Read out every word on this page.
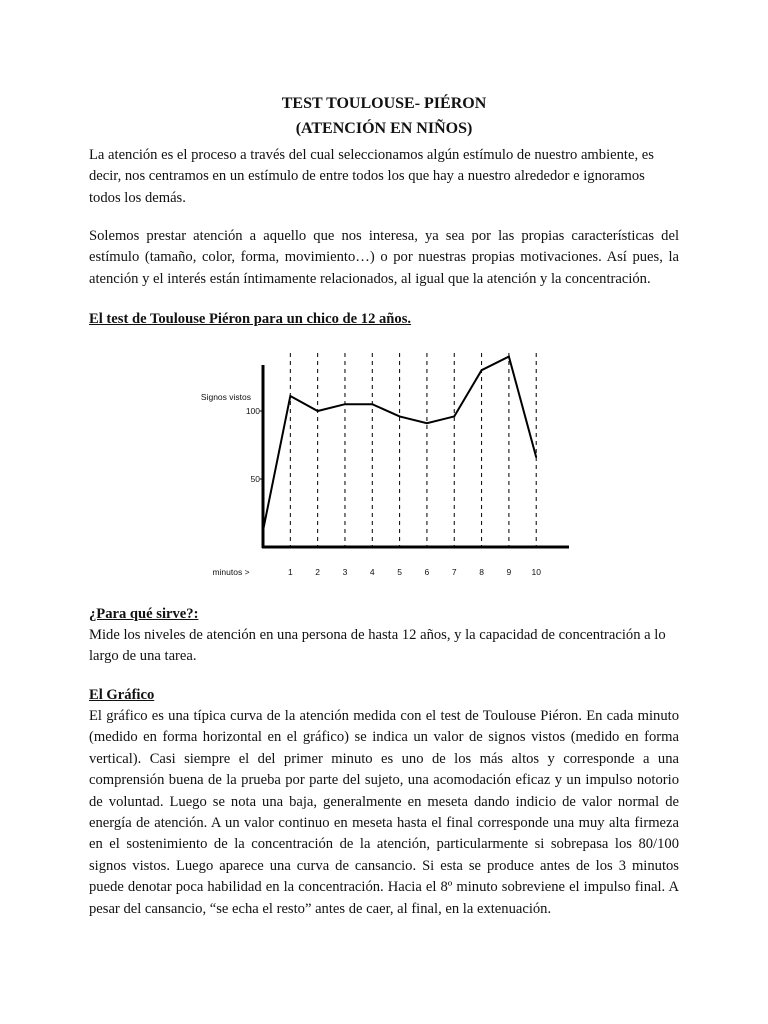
TEST TOULOUSE- PIÉRON

(ATENCIÓN EN NIÑOS)

La atención es el proceso a través del cual seleccionamos algún estímulo de nuestro ambiente, es decir, nos centramos en un estímulo de entre todos los que hay a nuestro alrededor e ignoramos todos los demás.

Solemos prestar atención a aquello que nos interesa, ya sea por las propias características del estímulo (tamaño, color, forma, movimiento…) o por nuestras propias motivaciones. Así pues, la atención y el interés están íntimamente relacionados, al igual que la atención y la concentración.

El test de Toulouse Piéron para un chico de 12 años.

¿Para qué sirve?:

Mide los niveles de atención en una persona de hasta 12 años, y la capacidad de concentración a lo largo de una tarea.

El Gráfico

El gráfico es una típica curva de la atención medida con el test de Toulouse Piéron. En cada minuto (medido en forma horizontal en el gráfico) se indica un valor de signos vistos (medido en forma vertical). Casi siempre el del primer minuto es uno de los más altos y corresponde a una comprensión buena de la prueba por parte del sujeto, una acomodación eficaz y un impulso notorio de voluntad. Luego se nota una baja, generalmente en meseta dando indicio de valor normal de energía de atención. A un valor continuo en meseta hasta el final corresponde una muy alta firmeza en el sostenimiento de la concentración de la atención, particularmente si sobrepasa los 80/100 signos vistos. Luego aparece una curva de cansancio. Si esta se produce antes de los 3 minutos puede denotar poca habilidad en la concentración. Hacia el 8º minuto sobreviene el impulso final. A pesar del cansancio, “se echa el resto” antes de caer, al final, en la extenuación.

Signos vistos
minutos >
100
50
1	2	3	4	5	6	7	8	9 10
